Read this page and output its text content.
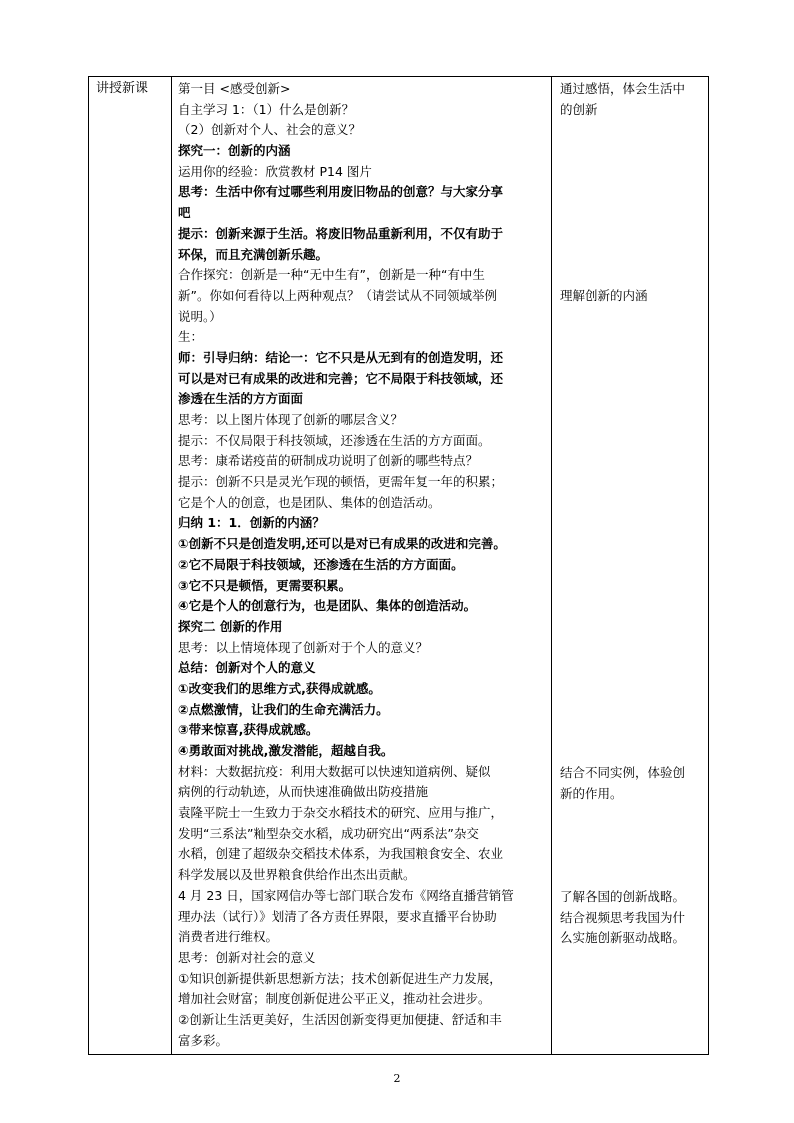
讲授新课 第一目 <感受创新>
自主学习 1：（1）什么是创新？
（2）创新对个人、社会的意义？
探究一：创新的内涵
运用你的经验：欣赏教材 P14 图片
思考：生活中你有过哪些利用废旧物品的创意？与大家分享
吧
提示：创新来源于生活。将废旧物品重新利用，不仅有助于
环保，而且充满创新乐趣。
合作探究：创新是一种“无中生有”，创新是一种“有中生
新”。你如何看待以上两种观点？（请尝试从不同领域举例
说明。）
生：
师：引导归纳：结论一：它不只是从无到有的创造发明，还
可以是对已有成果的改进和完善；它不局限于科技领域，还
渗透在生活的方方面面
思考：以上图片体现了创新的哪层含义？
提示：不仅局限于科技领域，还渗透在生活的方方面面。
思考：康希诺疫苗的研制成功说明了创新的哪些特点？
提示：创新不只是灵光乍现的顿悟，更需年复一年的积累；
它是个人的创意，也是团队、集体的创造活动。
归纳 1：1．创新的内涵？
①创新不只是创造发明,还可以是对已有成果的改进和完善。
②它不局限于科技领域，还渗透在生活的方方面面。
③它不只是顿悟，更需要积累。
④它是个人的创意行为，也是团队、集体的创造活动。
探究二 创新的作用
思考：以上情境体现了创新对于个人的意义？
总结：创新对个人的意义
①改变我们的思维方式,获得成就感。
②点燃激情，让我们的生命充满活力。
③带来惊喜,获得成就感。
④勇敢面对挑战,激发潜能，超越自我。
材料：大数据抗疫：利用大数据可以快速知道病例、疑似
病例的行动轨迹，从而快速准确做出防疫措施
袁隆平院士一生致力于杂交水稻技术的研究、应用与推广，
发明“三系法”籼型杂交水稻，成功研究出“两系法”杂交
水稻，创建了超级杂交稻技术体系，为我国粮食安全、农业
科学发展以及世界粮食供给作出杰出贡献。
4 月 23 日，国家网信办等七部门联合发布《网络直播营销管
理办法（试行）》划清了各方责任界限，要求直播平台协助
消费者进行维权。
思考：创新对社会的意义
①知识创新提供新思想新方法；技术创新促进生产力发展，
增加社会财富；制度创新促进公平正义，推动社会进步。
②创新让生活更美好，生活因创新变得更加便捷、舒适和丰
富多彩。
通过感悟，体会生活中
的创新
理解创新的内涵
结合不同实例，体验创
新的作用。
了解各国的创新战略。
结合视频思考我国为什
么实施创新驱动战略。
2
